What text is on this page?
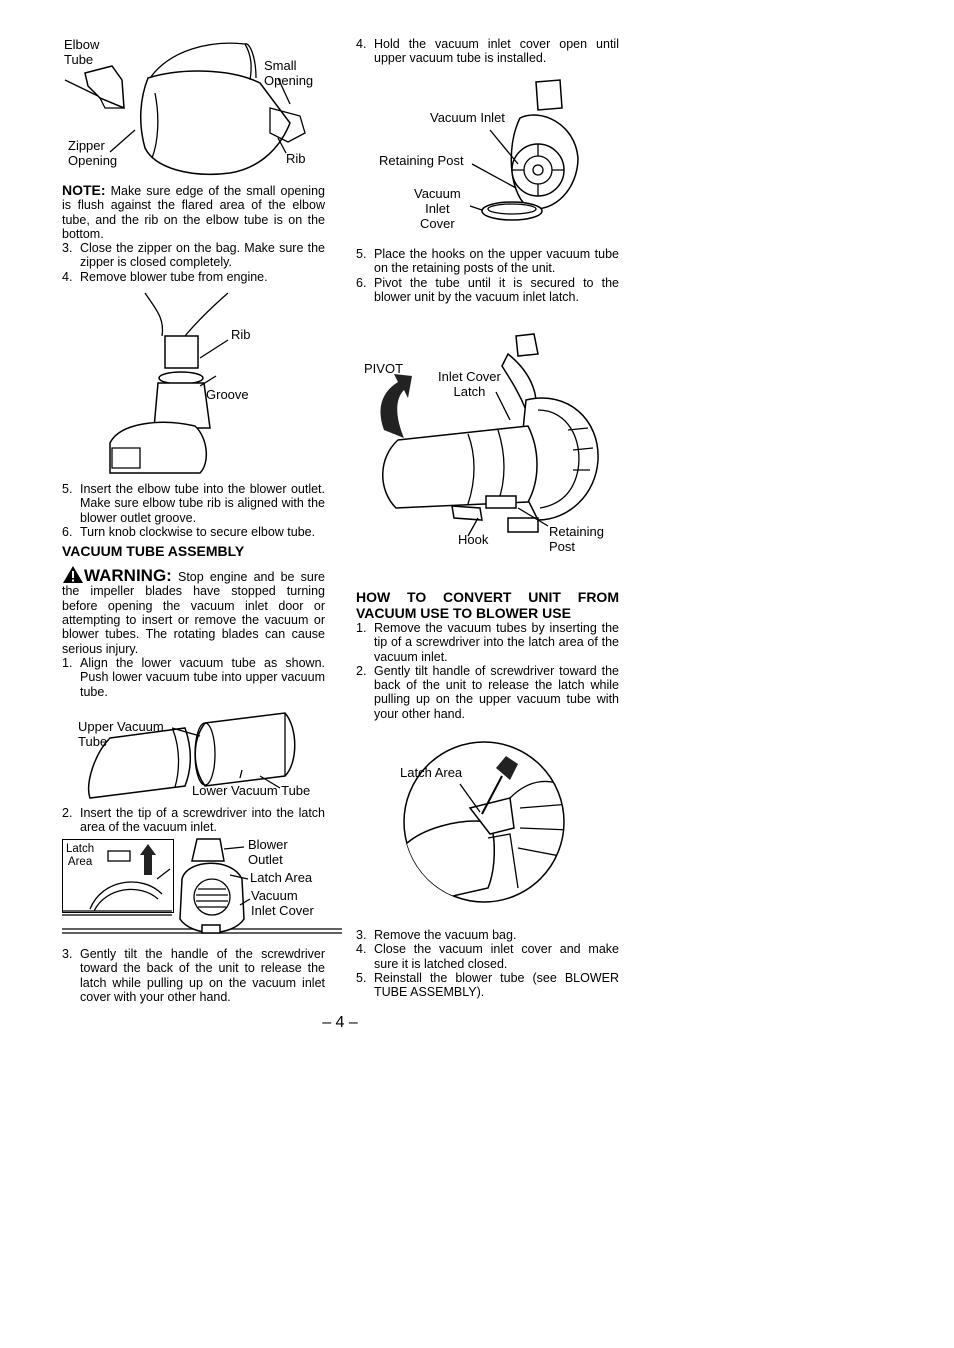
Elbow
Tube	Small
Opening
Zipper
Opening	Rib
NOTE: Make sure edge of the small opening is flush against the flared area of the elbow tube, and the rib on the elbow tube is on the bottom.
3. Close the zipper on the bag. Make sure the zipper is closed completely.
4. Remove blower tube from engine.
Rib
Groove
5. Insert the elbow tube into the blower outlet. Make sure elbow tube rib is aligned with the blower outlet groove.
6. Turn knob clockwise to secure elbow tube.
VACUUM TUBE ASSEMBLY
WARNING: Stop engine and be sure the impeller blades have stopped turning before opening the vacuum inlet door or attempting to insert or remove the vacuum or blower tubes. The rotating blades can cause serious injury.
1. Align the lower vacuum tube as shown. Push lower vacuum tube into upper vacuum tube.
Upper Vacuum
Tube
Lower Vacuum Tube
2. Insert the tip of a screwdriver into the latch area of the vacuum inlet.
Latch
Area
Blower
Outlet
Latch Area
Vacuum
Inlet Cover
3. Gently tilt the handle of the screwdriver toward the back of the unit to release the latch while pulling up on the vacuum inlet cover with your other hand.
4. Hold the vacuum inlet cover open until upper vacuum tube is installed.
Vacuum Inlet
Retaining Post
Vacuum
Inlet
Cover
5. Place the hooks on the upper vacuum tube on the retaining posts of the unit.
6. Pivot the tube until it is secured to the blower unit by the vacuum inlet latch.
PIVOT
Inlet Cover
Latch
Hook
Retaining
Post
HOW TO CONVERT UNIT FROM VACUUM USE TO BLOWER USE
1. Remove the vacuum tubes by inserting the tip of a screwdriver into the latch area of the vacuum inlet.
2. Gently tilt handle of screwdriver toward the back of the unit to release the latch while pulling up on the upper vacuum tube with your other hand.
Latch Area
3. Remove the vacuum bag.
4. Close the vacuum inlet cover and make sure it is latched closed.
5. Reinstall the blower tube (see BLOWER TUBE ASSEMBLY).
– 4 –
